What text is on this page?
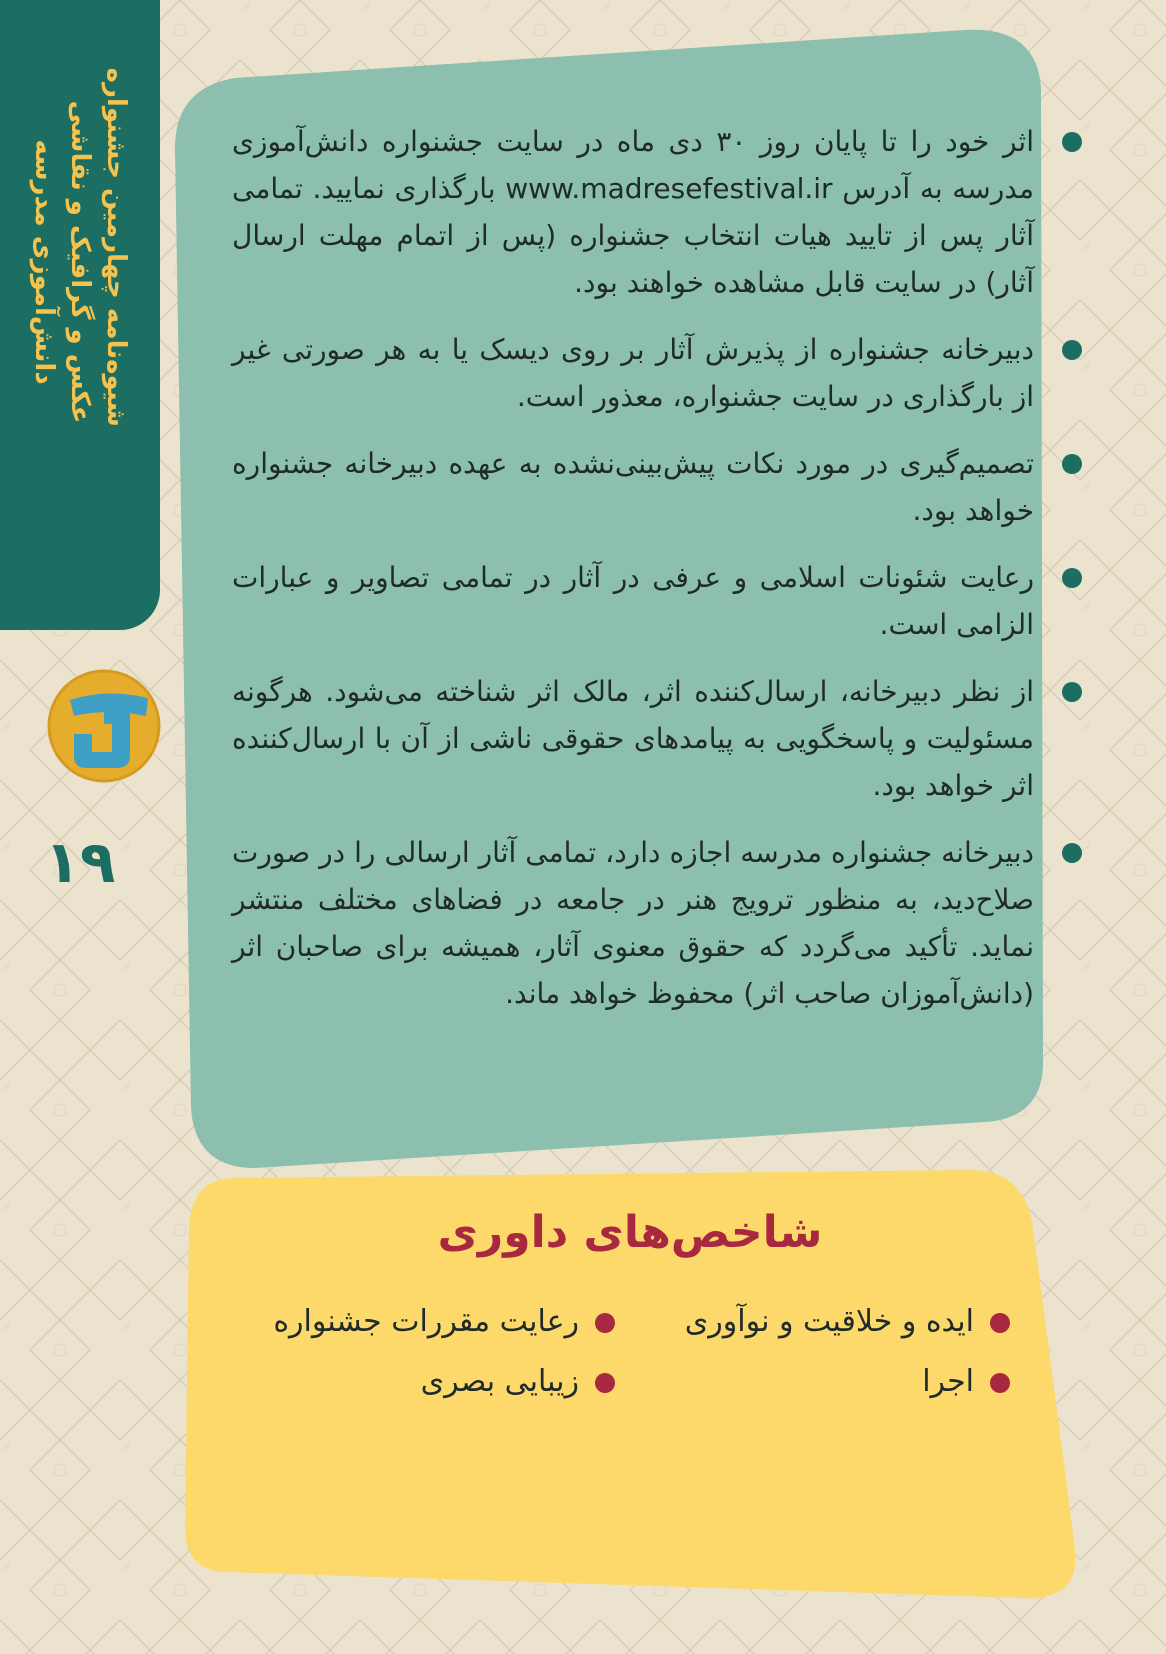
شیوه‌نامه چهارمین جشنواره
عکس و گرافیک و نقاشی
دانش‌آموزی مدرسه
۱۹
اثر خود را تا پایان روز ۳۰ دی ماه در سایت جشنواره دانش‌آموزی مدرسه به آدرس www.madresefestival.ir بارگذاری نمایید. تمامی آثار پس از تایید هیات انتخاب جشنواره (پس از اتمام مهلت ارسال آثار) در سایت قابل مشاهده خواهند بود.
دبیرخانه جشنواره از پذیرش آثار بر روی دیسک یا به هر صورتی غیر از بارگذاری در سایت جشنواره، معذور است.
تصمیم‌گیری در مورد نکات پیش‌بینی‌نشده به عهده دبیرخانه جشنواره خواهد بود.
رعایت شئونات اسلامی و عرفی در آثار در تمامی تصاویر و عبارات الزامی است.
از نظر دبیرخانه، ارسال‌کننده اثر، مالک اثر شناخته می‌شود. هرگونه مسئولیت و پاسخگویی به پیامدهای حقوقی ناشی از آن با ارسال‌کننده اثر خواهد بود.
دبیرخانه جشنواره مدرسه اجازه دارد، تمامی آثار ارسالی را در صورت صلاح‌دید، به منظور ترویج هنر در جامعه در فضاهای مختلف منتشر نماید. تأکید می‌گردد که حقوق معنوی آثار، همیشه برای صاحبان اثر (دانش‌آموزان صاحب اثر) محفوظ خواهد ماند.
شاخص‌های داوری
ایده و خلاقیت و نوآوری
رعایت مقررات جشنواره
اجرا
زیبایی بصری
